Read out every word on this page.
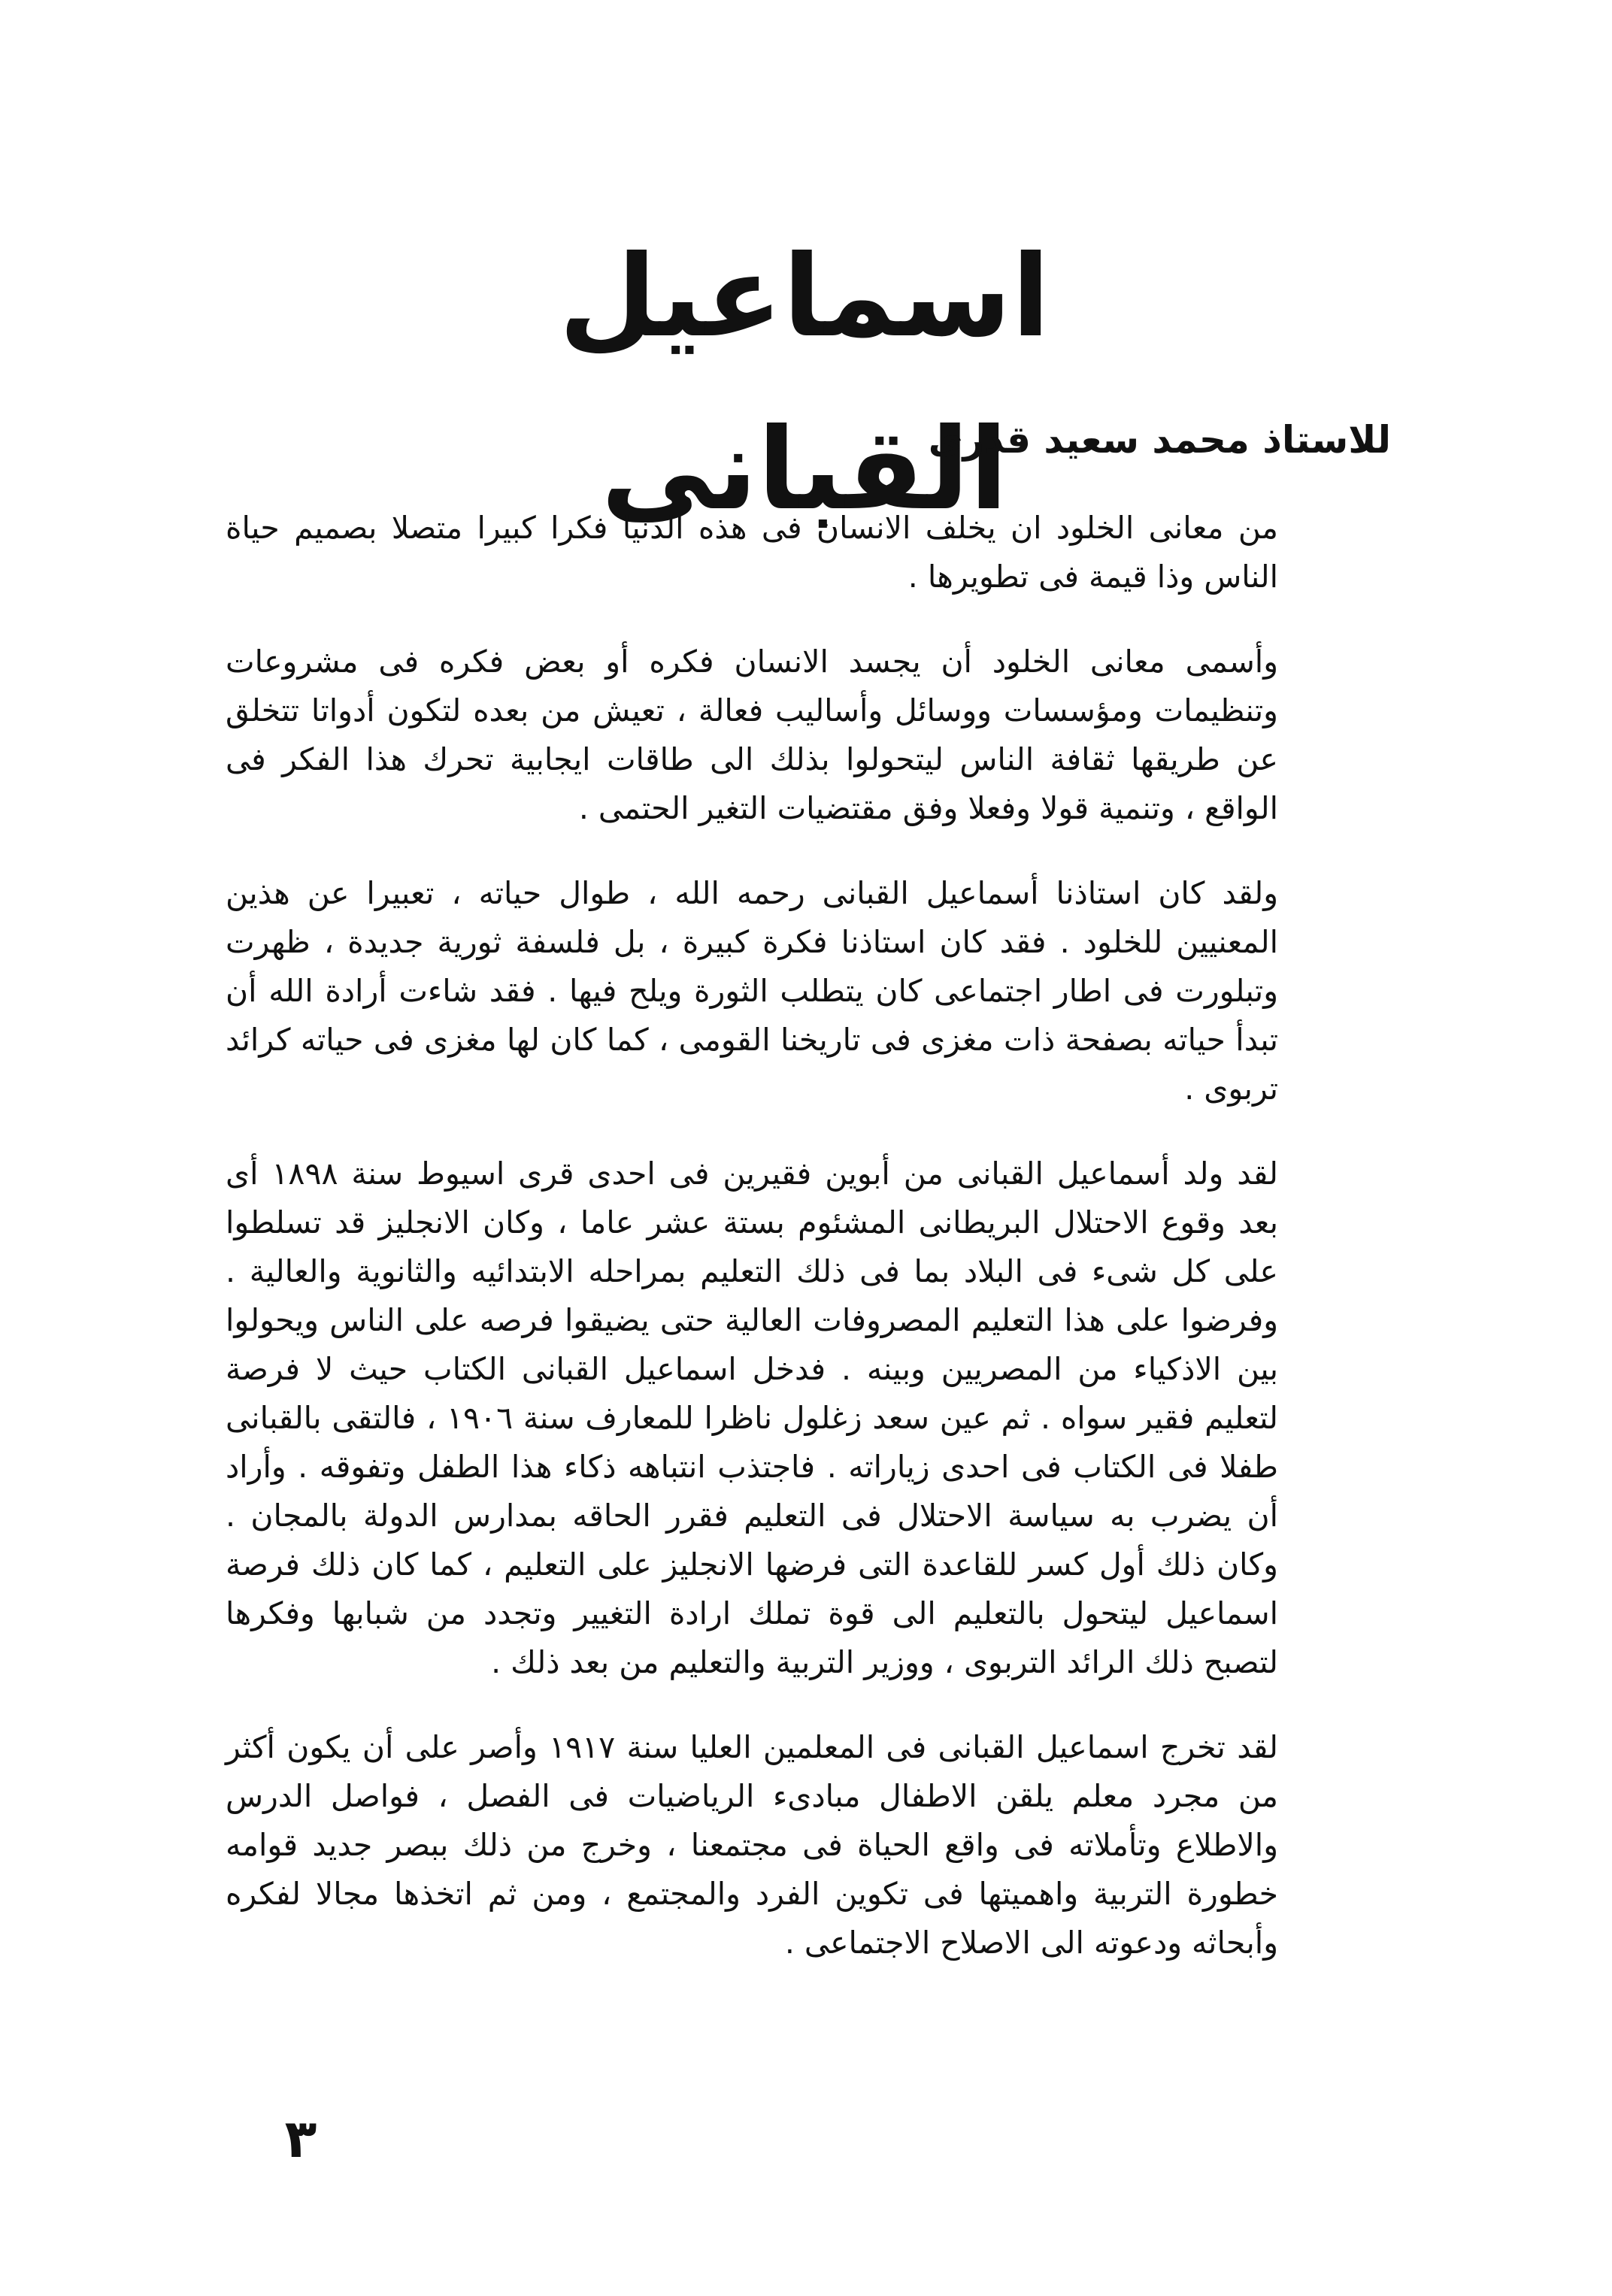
اسماعيل القبانى
للاستاذ محمد سعيد قدرى

من معانى الخلود ان يخلف الانسان فى هذه الدنيا فكرا كبيرا متصلا بصميم حياة الناس وذا قيمة فى تطويرها .

وأسمى معانى الخلود أن يجسد الانسان فكره أو بعض فكره فى مشروعات وتنظيمات ومؤسسات ووسائل وأساليب فعالة ، تعيش من بعده لتكون أدواتا تتخلق عن طريقها ثقافة الناس ليتحولوا بذلك الى طاقات ايجابية تحرك هذا الفكر فى الواقع ، وتنمية قولا وفعلا وفق مقتضيات التغير الحتمى .

ولقد كان استاذنا أسماعيل القبانى رحمه الله ، طوال حياته ، تعبيرا عن هذين المعنيين للخلود . فقد كان استاذنا فكرة كبيرة ، بل فلسفة ثورية جديدة ، ظهرت وتبلورت فى اطار اجتماعى كان يتطلب الثورة ويلح فيها . فقد شاءت أرادة الله أن تبدأ حياته بصفحة ذات مغزى فى تاريخنا القومى ، كما كان لها مغزى فى حياته كرائد تربوى .

لقد ولد أسماعيل القبانى من أبوين فقيرين فى احدى قرى اسيوط سنة ١٨٩٨ أى بعد وقوع الاحتلال البريطانى المشئوم بستة عشر عاما ، وكان الانجليز قد تسلطوا على كل شىء فى البلاد بما فى ذلك التعليم بمراحله الابتدائيه والثانوية والعالية . وفرضوا على هذا التعليم المصروفات العالية حتى يضيقوا فرصه على الناس ويحولوا بين الاذكياء من المصريين وبينه . فدخل اسماعيل القبانى الكتاب حيث لا فرصة لتعليم فقير سواه . ثم عين سعد زغلول ناظرا للمعارف سنة ١٩٠٦ ، فالتقى بالقبانى طفلا فى الكتاب فى احدى زياراته . فاجتذب انتباهه ذكاء هذا الطفل وتفوقه . وأراد أن يضرب به سياسة الاحتلال فى التعليم فقرر الحاقه بمدارس الدولة بالمجان . وكان ذلك أول كسر للقاعدة التى فرضها الانجليز على التعليم ، كما كان ذلك فرصة اسماعيل ليتحول بالتعليم الى قوة تملك ارادة التغيير وتجدد من شبابها وفكرها لتصبح ذلك الرائد التربوى ، ووزير التربية والتعليم من بعد ذلك .

لقد تخرج اسماعيل القبانى فى المعلمين العليا سنة ١٩١٧ وأصر على أن يكون أكثر من مجرد معلم يلقن الاطفال مبادىء الرياضيات فى الفصل ، فواصل الدرس والاطلاع وتأملاته فى واقع الحياة فى مجتمعنا ، وخرج من ذلك ببصر جديد قوامه خطورة التربية واهميتها فى تكوين الفرد والمجتمع ، ومن ثم اتخذها مجالا لفكره وأبحاثه ودعوته الى الاصلاح الاجتماعى .

٣
